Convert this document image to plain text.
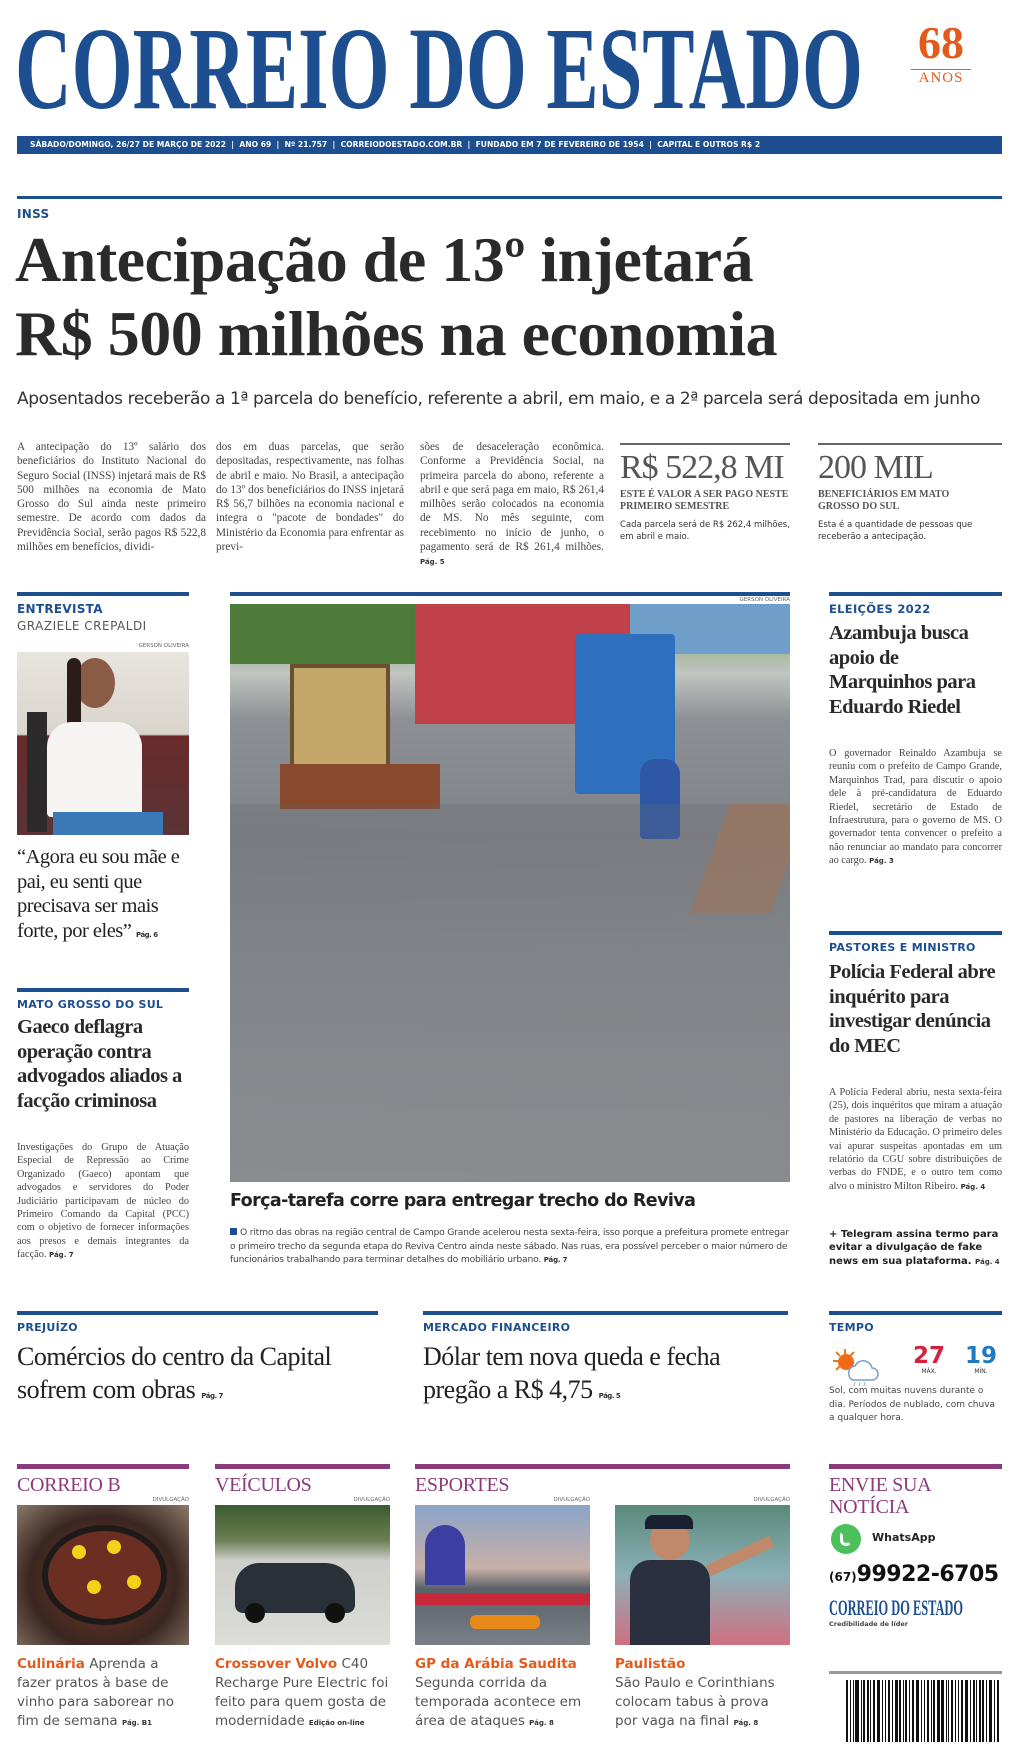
CORREIO DO ESTADO 68
ANOS
SÁBADO/DOMINGO, 26/27 DE MARÇO DE 2022  |  ANO 69  |  Nº 21.757  |  CORREIODOESTADO.COM.BR  |  FUNDADO EM 7 DE FEVEREIRO DE 1954  |  CAPITAL E OUTROS R$ 2
INSS
Antecipação de 13º injetará
R$ 500 milhões na economia
Aposentados receberão a 1ª parcela do benefício, referente a abril, em maio, e a 2ª parcela será depositada em junho
A antecipação do 13º salário dos beneficiários do Instituto Nacional do Seguro Social (INSS) injetará mais de R$ 500 milhões na economia de Mato Grosso do Sul ainda neste primeiro semestre. De acordo com dados da Previdência Social, serão pagos R$ 522,8 milhões em benefícios, dividi-
dos em duas parcelas, que serão depositadas, respectivamente, nas folhas de abril e maio. No Brasil, a antecipação do 13º dos beneficiários do INSS injetará R$ 56,7 bilhões na economia nacional e integra o "pacote de bondades" do Ministério da Economia para enfrentar as previ-
sões de desaceleração econômica. Conforme a Previdência Social, na primeira parcela do abono, referente a abril e que será paga em maio, R$ 261,4 milhões serão colocados na economia de MS. No mês seguinte, com recebimento no início de junho, o pagamento será de R$ 261,4 milhões. Pág. 5
R$ 522,8 MI
ESTE É VALOR A SER PAGO NESTE PRIMEIRO SEMESTRE
Cada parcela será de R$ 262,4 milhões, em abril e maio.
200 MIL
BENEFICIÁRIOS EM MATO GROSSO DO SUL
Esta é a quantidade de pessoas que receberão a antecipação.
ENTREVISTA
GRAZIELE CREPALDI
GERSON OLIVEIRA
“Agora eu sou mãe e pai, eu senti que precisava ser mais forte, por eles” Pág. 6
MATO GROSSO DO SUL
Gaeco deflagra operação contra advogados aliados a facção criminosa
Investigações do Grupo de Atuação Especial de Repressão ao Crime Organizado (Gaeco) apontam que advogados e servidores do Poder Judiciário participavam de núcleo do Primeiro Comando da Capital (PCC) com o objetivo de fornecer informações aos presos e demais integrantes da facção. Pág. 7
GERSON OLIVEIRA
Força-tarefa corre para entregar trecho do Reviva
O ritmo das obras na região central de Campo Grande acelerou nesta sexta-feira, isso porque a prefeitura promete entregar o primeiro trecho da segunda etapa do Reviva Centro ainda neste sábado. Nas ruas, era possível perceber o maior número de funcionários trabalhando para terminar detalhes do mobiliário urbano. Pág. 7
ELEIÇÕES 2022
Azambuja busca apoio de Marquinhos para Eduardo Riedel
O governador Reinaldo Azambuja se reuniu com o prefeito de Campo Grande, Marquinhos Trad, para discutir o apoio dele à pré-candidatura de Eduardo Riedel, secretário de Estado de Infraestrutura, para o governo de MS. O governador tenta convencer o prefeito a não renunciar ao mandato para concorrer ao cargo. Pág. 3
PASTORES E MINISTRO
Polícia Federal abre inquérito para investigar denúncia do MEC
A Polícia Federal abriu, nesta sexta-feira (25), dois inquéritos que miram a atuação de pastores na liberação de verbas no Ministério da Educação. O primeiro deles vai apurar suspeitas apontadas em um relatório da CGU sobre distribuições de verbas do FNDE, e o outro tem como alvo o ministro Milton Ribeiro. Pág. 4
+ Telegram assina termo para evitar a divulgação de fake news em sua plataforma. Pág. 4
PREJUÍZO
Comércios do centro da Capital sofrem com obras Pág. 7
MERCADO FINANCEIRO
Dólar tem nova queda e fecha pregão a R$ 4,75 Pág. 5
TEMPO
27
MÁX.
19
MÍN.
Sol, com muitas nuvens durante o dia. Períodos de nublado, com chuva a qualquer hora.
CORREIO B	VEÍCULOS	ESPORTES
DIVULGAÇÃO	DIVULGAÇÃO	DIVULGAÇÃO	DIVULGAÇÃO
Culinária Aprenda a fazer pratos à base de vinho para saborear no fim de semana Pág. B1
Crossover Volvo C40 Recharge Pure Electric foi feito para quem gosta de modernidade Edição on-line
GP da Arábia Saudita
Segunda corrida da temporada acontece em área de ataques Pág. 8
Paulistão
São Paulo e Corinthians colocam tabus à prova por vaga na final Pág. 8
ENVIE SUA NOTÍCIA
WhatsApp
(67)99922-6705
CORREIO DO ESTADO
Credibilidade de líder
